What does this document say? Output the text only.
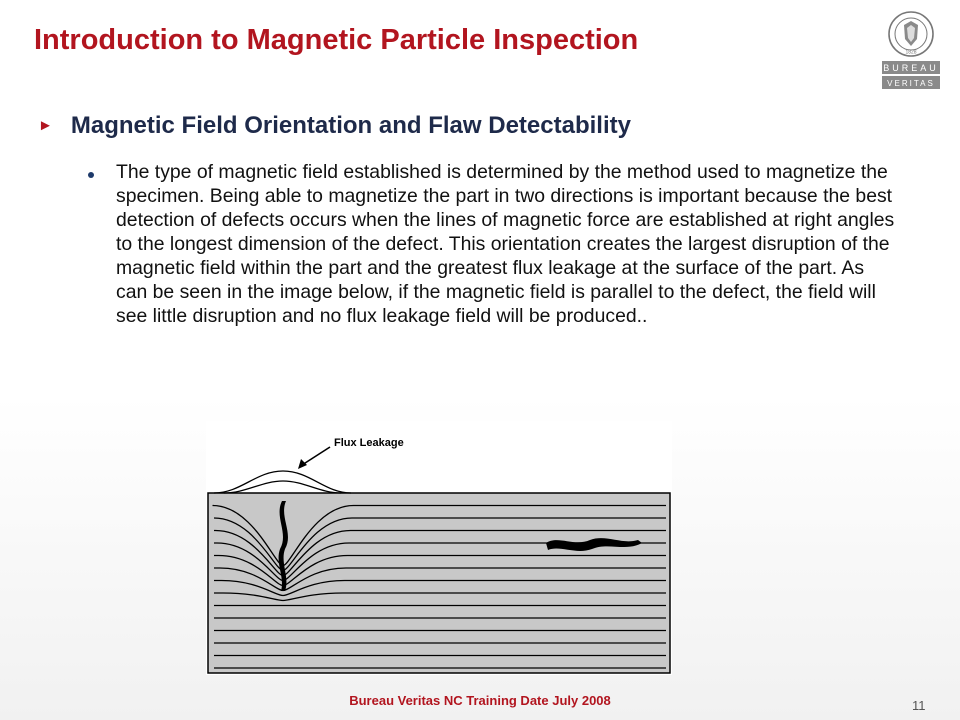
Introduction to Magnetic Particle Inspection
BUREAU
VERITAS
1828
► Magnetic Field Orientation and Flaw Detectability
The type of magnetic field established is determined by the method used to magnetize the specimen. Being able to magnetize the part in two directions is important because the best detection of defects occurs when the lines of magnetic force are established at right angles to the longest dimension of the defect. This orientation creates the largest disruption of the magnetic field within the part and the greatest flux leakage at the surface of the part. As can be seen in the image below, if the magnetic field is parallel to the defect, the field will see little disruption and no flux leakage field will be produced..
Flux Leakage
Bureau Veritas NC Training Date July 2008	11
